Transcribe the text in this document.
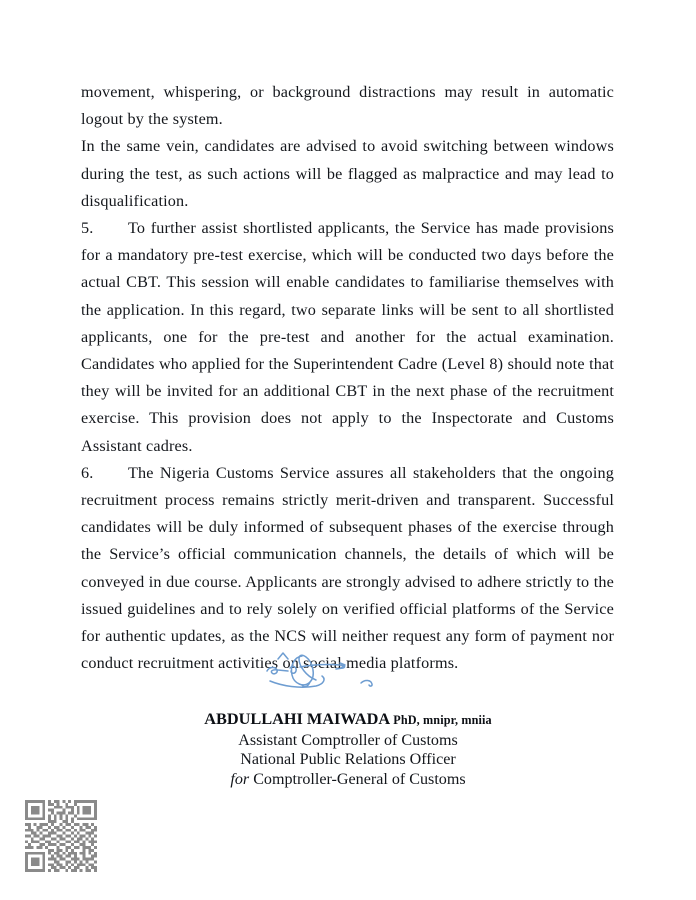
movement, whispering, or background distractions may result in automatic logout by the system.

In the same vein, candidates are advised to avoid switching between windows during the test, as such actions will be flagged as malpractice and may lead to disqualification.

5. To further assist shortlisted applicants, the Service has made provisions for a mandatory pre-test exercise, which will be conducted two days before the actual CBT. This session will enable candidates to familiarise themselves with the application. In this regard, two separate links will be sent to all shortlisted applicants, one for the pre-test and another for the actual examination. Candidates who applied for the Superintendent Cadre (Level 8) should note that they will be invited for an additional CBT in the next phase of the recruitment exercise. This provision does not apply to the Inspectorate and Customs Assistant cadres.

6. The Nigeria Customs Service assures all stakeholders that the ongoing recruitment process remains strictly merit-driven and transparent. Successful candidates will be duly informed of subsequent phases of the exercise through the Service’s official communication channels, the details of which will be conveyed in due course. Applicants are strongly advised to adhere strictly to the issued guidelines and to rely solely on verified official platforms of the Service for authentic updates, as the NCS will neither request any form of payment nor conduct recruitment activities on social media platforms.

ABDULLAHI MAIWADA PhD, mnipr, mniia
Assistant Comptroller of Customs
National Public Relations Officer
for Comptroller-General of Customs
